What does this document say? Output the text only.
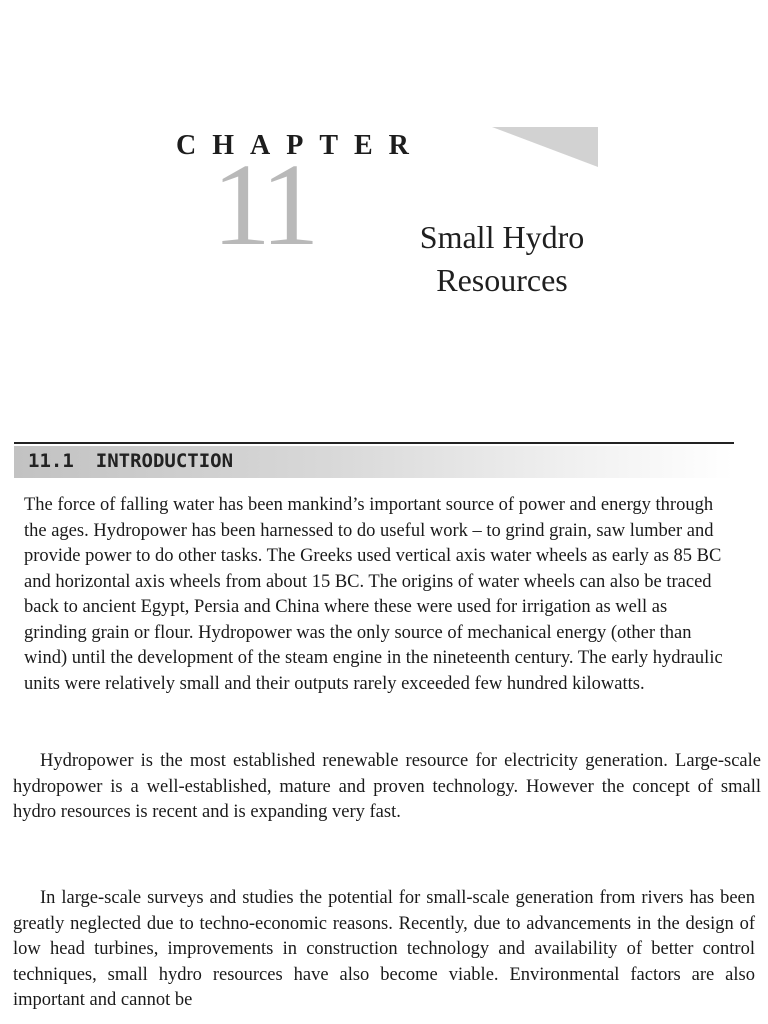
CHAPTER
11	Small Hydro Resources
11.1 INTRODUCTION

The force of falling water has been mankind’s important source of power and energy through the ages. Hydropower has been harnessed to do useful work – to grind grain, saw lumber and provide power to do other tasks. The Greeks used vertical axis water wheels as early as 85 BC and horizontal axis wheels from about 15 BC. The origins of water wheels can also be traced back to ancient Egypt, Persia and China where these were used for irrigation as well as grinding grain or flour. Hydropower was the only source of mechanical energy (other than wind) until the development of the steam engine in the nineteenth century. The early hydraulic units were relatively small and their outputs rarely exceeded few hundred kilowatts.

Hydropower is the most established renewable resource for electricity generation. Large-scale hydropower is a well-established, mature and proven technology. However the concept of small hydro resources is recent and is expanding very fast.

In large-scale surveys and studies the potential for small-scale generation from rivers has been greatly neglected due to techno-economic reasons. Recently, due to advancements in the design of low head turbines, improvements in construction technology and availability of better control techniques, small hydro resources have also become viable. Environmental factors are also important and cannot be
